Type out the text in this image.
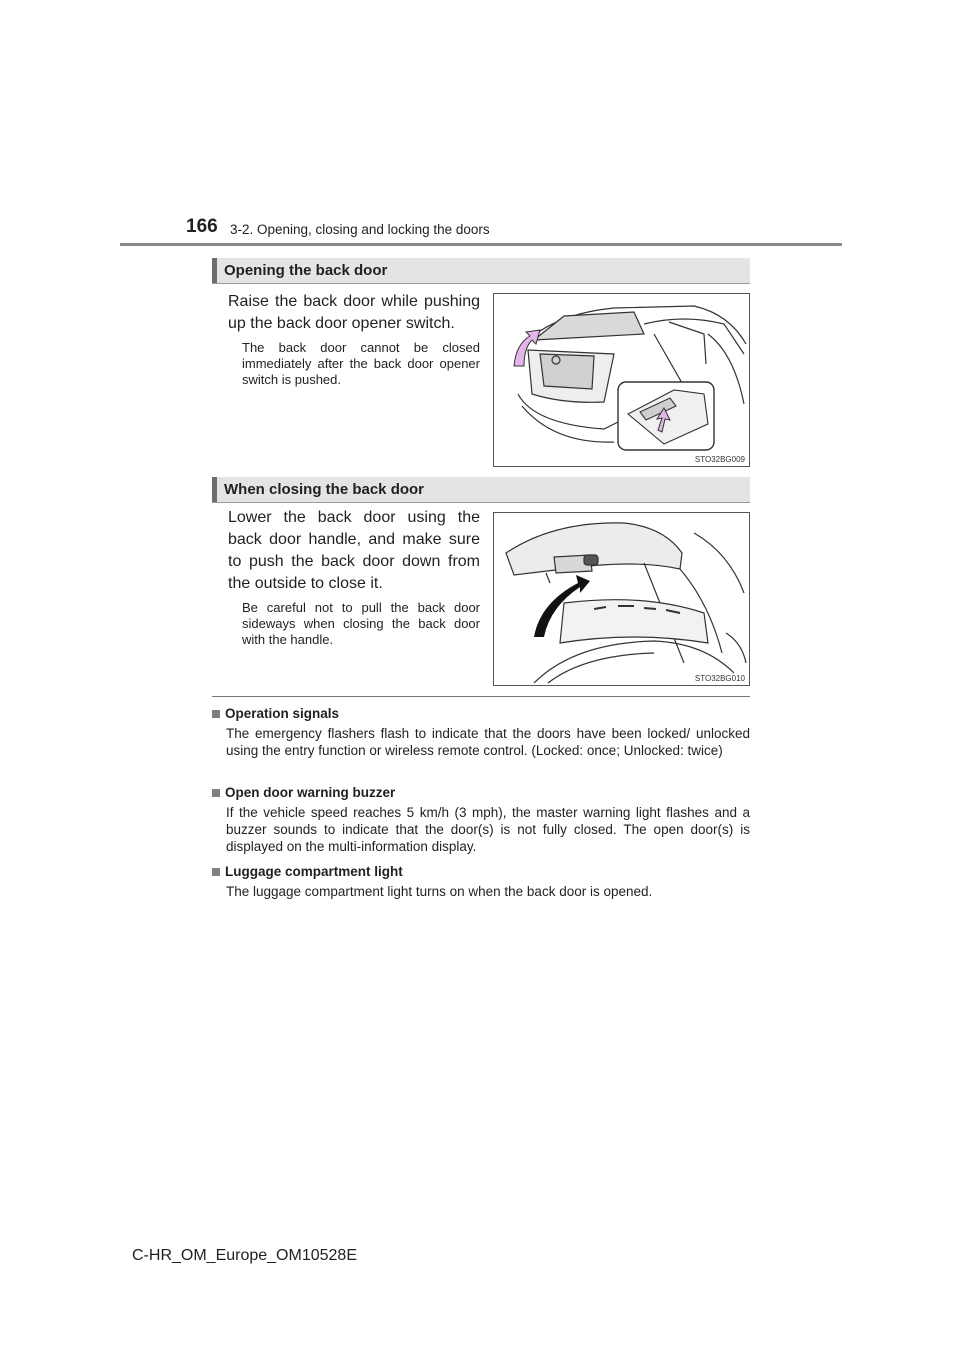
166 3-2. Opening, closing and locking the doors
Opening the back door
Raise the back door while pushing up the back door opener switch.
The back door cannot be closed immediately after the back door opener switch is pushed.
STO32BG009
When closing the back door
Lower the back door using the back door handle, and make sure to push the back door down from the outside to close it.
Be careful not to pull the back door sideways when closing the back door with the handle.
STO32BG010
Operation signals
The emergency flashers flash to indicate that the doors have been locked/ unlocked using the entry function or wireless remote control. (Locked: once; Unlocked: twice)
Open door warning buzzer
If the vehicle speed reaches 5 km/h (3 mph), the master warning light flashes and a buzzer sounds to indicate that the door(s) is not fully closed. The open door(s) is displayed on the multi-information display.
Luggage compartment light
The luggage compartment light turns on when the back door is opened.
C-HR_OM_Europe_OM10528E
